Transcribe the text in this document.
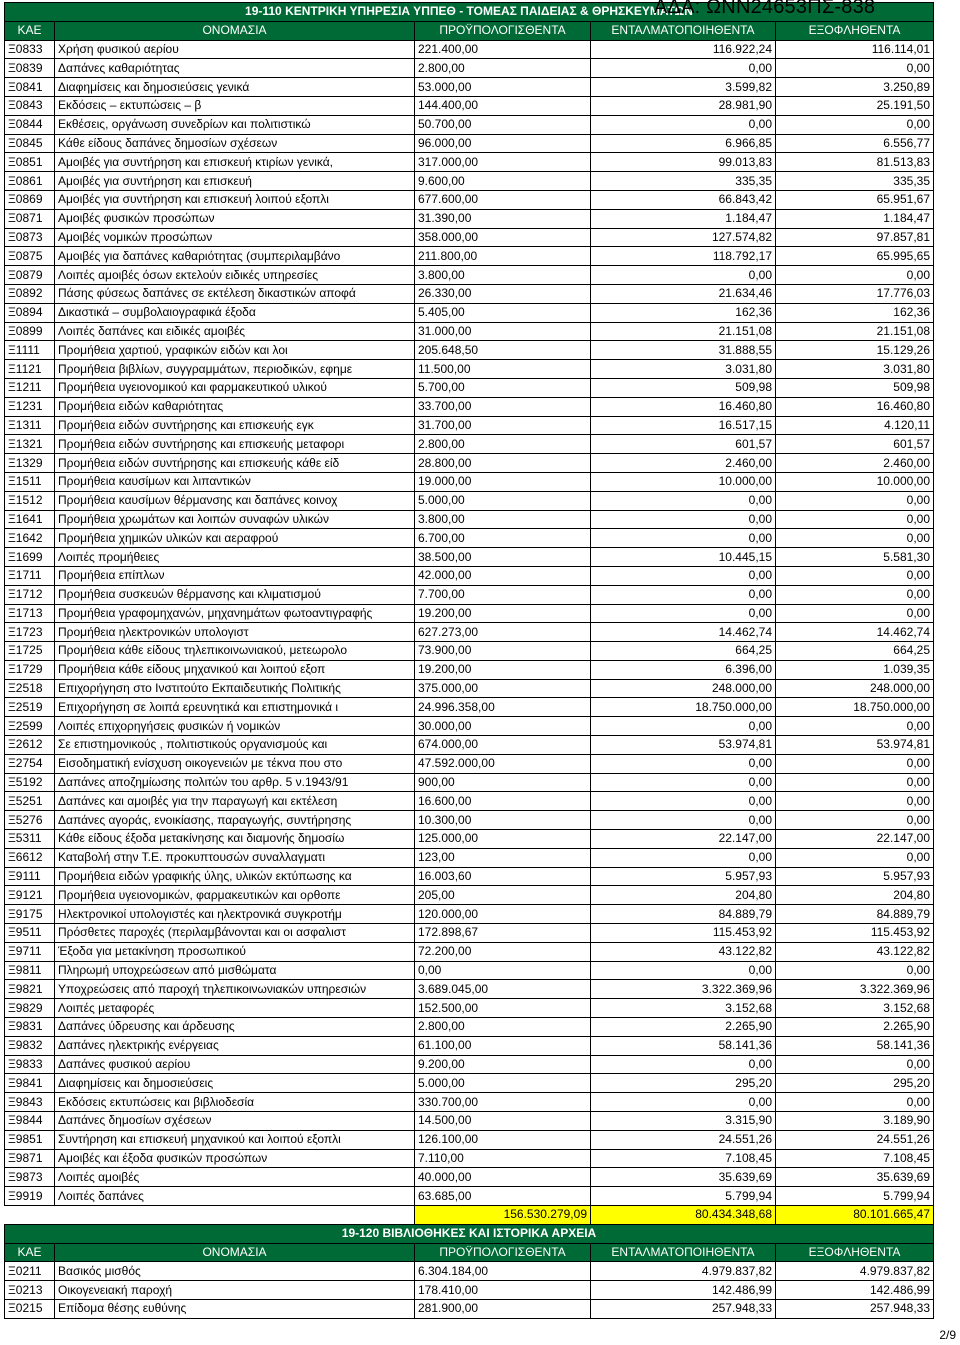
19-110 ΚΕΝΤΡΙΚΗ ΥΠΗΡΕΣΙΑ ΥΠΠΕΘ - ΤΟΜΕΑΣ ΠΑΙΔΕΙΑΣ & ΘΡΗΣΚΕΥΜΑΤΩΝ				
ΚΑΕ	ΟΝΟΜΑΣΙΑ	ΠΡΟΫΠΟΛΟΓΙΣΘΕΝΤΑ	ΕΝΤΑΛΜΑΤΟΠΟΙΗΘΕΝΤΑ	ΕΞΟΦΛΗΘΕΝΤΑ
Ξ0833	Χρήση φυσικού αερίου	221.400,00	116.922,24	116.114,01
Ξ0839	Δαπάνες καθαριότητας	2.800,00	0,00	0,00
Ξ0841	Διαφημίσεις και δημοσιεύσεις γενικά	53.000,00	3.599,82	3.250,89
Ξ0843	Εκδόσεις – εκτυπώσεις – β	144.400,00	28.981,90	25.191,50
Ξ0844	Εκθέσεις, οργάνωση συνεδρίων και πολιτιστικώ	50.700,00	0,00	0,00
Ξ0845	Κάθε είδους δαπάνες δημοσίων σχέσεων	96.000,00	6.966,85	6.556,77
Ξ0851	Αμοιβές για συντήρηση και επισκευή κτιρίων γενικά,	317.000,00	99.013,83	81.513,83
Ξ0861	Αμοιβές για συντήρηση και επισκευή	9.600,00	335,35	335,35
Ξ0869	Αμοιβές για συντήρηση και επισκευή λοιπού εξοπλι	677.600,00	66.843,42	65.951,67
Ξ0871	Αμοιβές φυσικών προσώπων	31.390,00	1.184,47	1.184,47
Ξ0873	Αμοιβές νομικών προσώπων	358.000,00	127.574,82	97.857,81
Ξ0875	Αμοιβές για δαπάνες καθαριότητας (συμπεριλαμβάνο	211.800,00	118.792,17	65.995,65
Ξ0879	Λοιπές αμοιβές όσων εκτελούν ειδικές υπηρεσίες	3.800,00	0,00	0,00
Ξ0892	Πάσης φύσεως δαπάνες σε εκτέλεση δικαστικών αποφά	26.330,00	21.634,46	17.776,03
Ξ0894	Δικαστικά – συμβολαιογραφικά έξοδα	5.405,00	162,36	162,36
Ξ0899	Λοιπές δαπάνες και ειδικές αμοιβές	31.000,00	21.151,08	21.151,08
Ξ1111	Προμήθεια χαρτιού, γραφικών ειδών και λοι	205.648,50	31.888,55	15.129,26
Ξ1121	Προμήθεια βιβλίων, συγγραμμάτων, περιοδικών, εφημε	11.500,00	3.031,80	3.031,80
Ξ1211	Προμήθεια υγειονομικού και φαρμακευτικού υλικού	5.700,00	509,98	509,98
Ξ1231	Προμήθεια ειδών καθαριότητας	33.700,00	16.460,80	16.460,80
Ξ1311	Προμήθεια ειδών συντήρησης και επισκευής εγκ	31.700,00	16.517,15	4.120,11
Ξ1321	Προμήθεια ειδών συντήρησης και επισκευής μεταφορι	2.800,00	601,57	601,57
Ξ1329	Προμήθεια ειδών συντήρησης και επισκευής κάθε είδ	28.800,00	2.460,00	2.460,00
Ξ1511	Προμήθεια καυσίμων και λιπαντικών	19.000,00	10.000,00	10.000,00
Ξ1512	Προμήθεια καυσίμων θέρμανσης και δαπάνες κοινοχ	5.000,00	0,00	0,00
Ξ1641	Προμήθεια χρωμάτων και λοιπών συναφών υλικών	3.800,00	0,00	0,00
Ξ1642	Προμήθεια χημικών υλικών και αεραφρού	6.700,00	0,00	0,00
Ξ1699	Λοιπές προμήθειες	38.500,00	10.445,15	5.581,30
Ξ1711	Προμήθεια επίπλων	42.000,00	0,00	0,00
Ξ1712	Προμήθεια συσκευών θέρμανσης και κλιματισμού	7.700,00	0,00	0,00
Ξ1713	Προμήθεια γραφομηχανών, μηχανημάτων φωτοαντιγραφής	19.200,00	0,00	0,00
Ξ1723	Προμήθεια ηλεκτρονικών υπολογιστ	627.273,00	14.462,74	14.462,74
Ξ1725	Προμήθεια κάθε είδους τηλεπικοινωνιακού, μετεωρολο	73.900,00	664,25	664,25
Ξ1729	Προμήθεια κάθε είδους μηχανικού και λοιπού εξοπ	19.200,00	6.396,00	1.039,35
Ξ2518	Επιχορήγηση στο Ινστιτούτο Εκπαιδευτικής Πολιτικής	375.000,00	248.000,00	248.000,00
Ξ2519	Επιχορήγηση σε λοιπά ερευνητικά και επιστημονικά ι	24.996.358,00	18.750.000,00	18.750.000,00
Ξ2599	Λοιπές επιχορηγήσεις φυσικών ή νομικών	30.000,00	0,00	0,00
Ξ2612	Σε επιστημονικούς , πολιτιστικούς οργανισμούς και	674.000,00	53.974,81	53.974,81
Ξ2754	Εισοδηματική ενίσχυση οικογενειών με τέκνα που στο	47.592.000,00	0,00	0,00
Ξ5192	Δαπάνες αποζημίωσης πολιτών του αρθρ. 5 ν.1943/91	900,00	0,00	0,00
Ξ5251	Δαπάνες και αμοιβές για την παραγωγή και εκτέλεση	16.600,00	0,00	0,00
Ξ5276	Δαπάνες αγοράς, ενοικίασης, παραγωγής, συντήρησης	10.300,00	0,00	0,00
Ξ5311	Κάθε είδους έξοδα μετακίνησης και διαμονής δημοσίω	125.000,00	22.147,00	22.147,00
Ξ6612	Καταβολή στην Τ.Ε. προκυπτουσών συναλλαγματι	123,00	0,00	0,00
Ξ9111	Προμήθεια ειδών γραφικής ύλης, υλικών εκτύπωσης κα	16.003,60	5.957,93	5.957,93
Ξ9121	Προμήθεια υγειονομικών, φαρμακευτικών και ορθοπε	205,00	204,80	204,80
Ξ9175	Ηλεκτρονικοί υπολογιστές και ηλεκτρονικά συγκροτήμ	120.000,00	84.889,79	84.889,79
Ξ9511	Πρόσθετες παροχές (περιλαμβάνονται και οι ασφαλιστ	172.898,67	115.453,92	115.453,92
Ξ9711	Έξοδα για μετακίνηση προσωπικού	72.200,00	43.122,82	43.122,82
Ξ9811	Πληρωμή υποχρεώσεων από μισθώματα	0,00	0,00	0,00
Ξ9821	Υποχρεώσεις από παροχή τηλεπικοινωνιακών υπηρεσιών	3.689.045,00	3.322.369,96	3.322.369,96
Ξ9829	Λοιπές μεταφορές	152.500,00	3.152,68	3.152,68
Ξ9831	Δαπάνες ύδρευσης και άρδευσης	2.800,00	2.265,90	2.265,90
Ξ9832	Δαπάνες ηλεκτρικής ενέργειας	61.100,00	58.141,36	58.141,36
Ξ9833	Δαπάνες φυσικού αερίου	9.200,00	0,00	0,00
Ξ9841	Διαφημίσεις και δημοσιεύσεις	5.000,00	295,20	295,20
Ξ9843	Εκδόσεις εκτυπώσεις και βιβλιοδεσία	330.700,00	0,00	0,00
Ξ9844	Δαπάνες δημοσίων σχέσεων	14.500,00	3.315,90	3.189,90
Ξ9851	Συντήρηση και επισκευή μηχανικού και λοιπού εξοπλι	126.100,00	24.551,26	24.551,26
Ξ9871	Αμοιβές και έξοδα φυσικών προσώπων	7.110,00	7.108,45	7.108,45
Ξ9873	Λοιπές αμοιβές	40.000,00	35.639,69	35.639,69
Ξ9919	Λοιπές δαπάνες	63.685,00	5.799,94	5.799,94
		156.530.279,09	80.434.348,68	80.101.665,47
19-120 ΒΙΒΛΙΟΘΗΚΕΣ ΚΑΙ ΙΣΤΟΡΙΚΑ ΑΡΧΕΙΑ				
ΚΑΕ	ΟΝΟΜΑΣΙΑ	ΠΡΟΫΠΟΛΟΓΙΣΘΕΝΤΑ	ΕΝΤΑΛΜΑΤΟΠΟΙΗΘΕΝΤΑ	ΕΞΟΦΛΗΘΕΝΤΑ
Ξ0211	Βασικός μισθός	6.304.184,00	4.979.837,82	4.979.837,82
Ξ0213	Οικογενειακή παροχή	178.410,00	142.486,99	142.486,99
Ξ0215	Επίδομα θέσης ευθύνης	281.900,00	257.948,33	257.948,33
ΑΔΑ: ΩΝΝ24653ΠΣ-838
2/9
